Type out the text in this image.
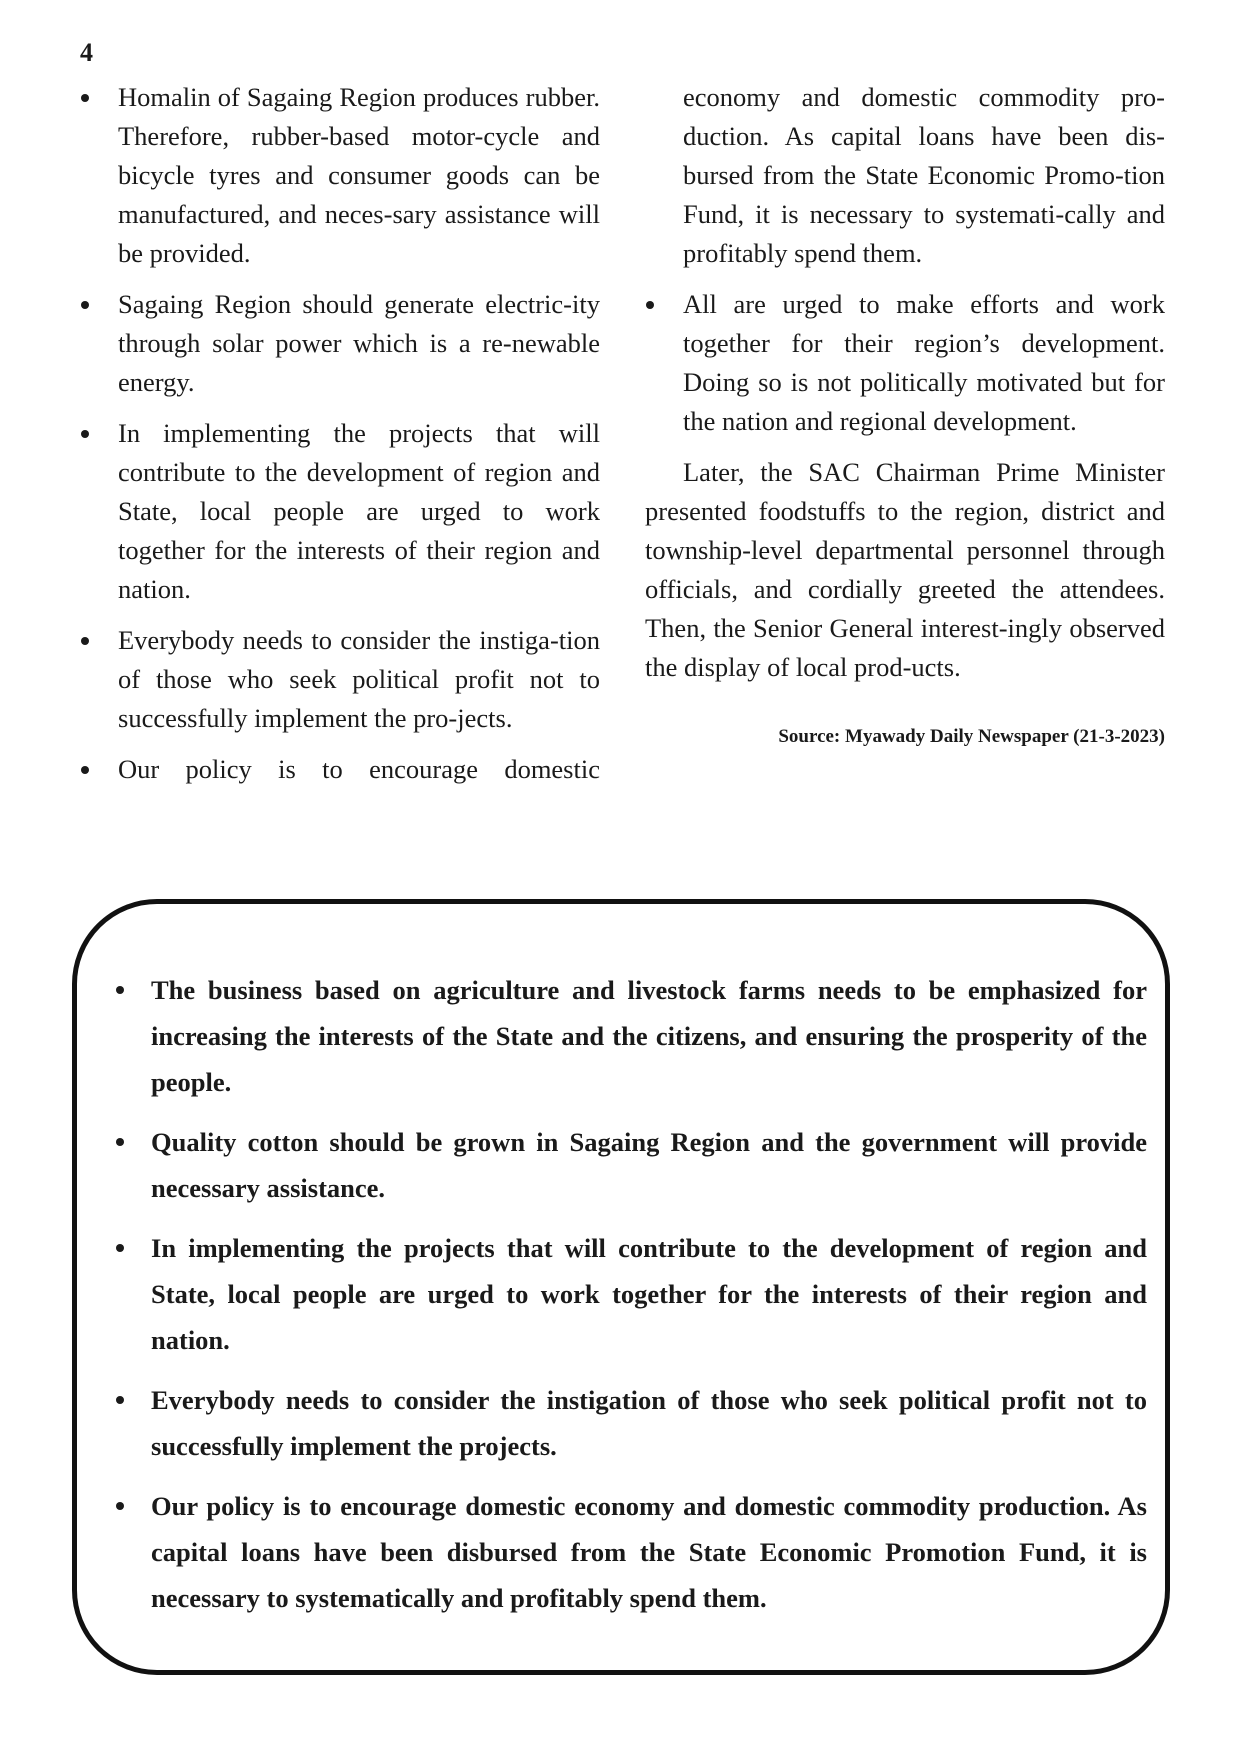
4
Homalin of Sagaing Region produces rubber. Therefore, rubber-based motor-cycle and bicycle tyres and consumer goods can be manufactured, and neces-sary assistance will be provided.
Sagaing Region should generate electric-ity through solar power which is a re-newable energy.
In implementing the projects that will contribute to the development of region and State, local people are urged to work together for the interests of their region and nation.
Everybody needs to consider the instiga-tion of those who seek political profit not to successfully implement the pro-jects.
Our policy is to encourage domestic
economy and domestic commodity pro-duction. As capital loans have been dis-bursed from the State Economic Promo-tion Fund, it is necessary to systemati-cally and profitably spend them.
All are urged to make efforts and work together for their region’s development. Doing so is not politically motivated but for the nation and regional development.

Later, the SAC Chairman Prime Minister presented foodstuffs to the region, district and township-level departmental personnel through officials, and cordially greeted the attendees. Then, the Senior General interest-ingly observed the display of local prod-ucts.

Source: Myawady Daily Newspaper (21-3-2023)
The business based on agriculture and livestock farms needs to be emphasized for increasing the interests of the State and the citizens, and ensuring the prosperity of the people.
Quality cotton should be grown in Sagaing Region and the government will provide necessary assistance.
In implementing the projects that will contribute to the development of region and State, local people are urged to work together for the interests of their region and nation.
Everybody needs to consider the instigation of those who seek political profit not to successfully implement the projects.
Our policy is to encourage domestic economy and domestic commodity production. As capital loans have been disbursed from the State Economic Promotion Fund, it is necessary to systematically and profitably spend them.
